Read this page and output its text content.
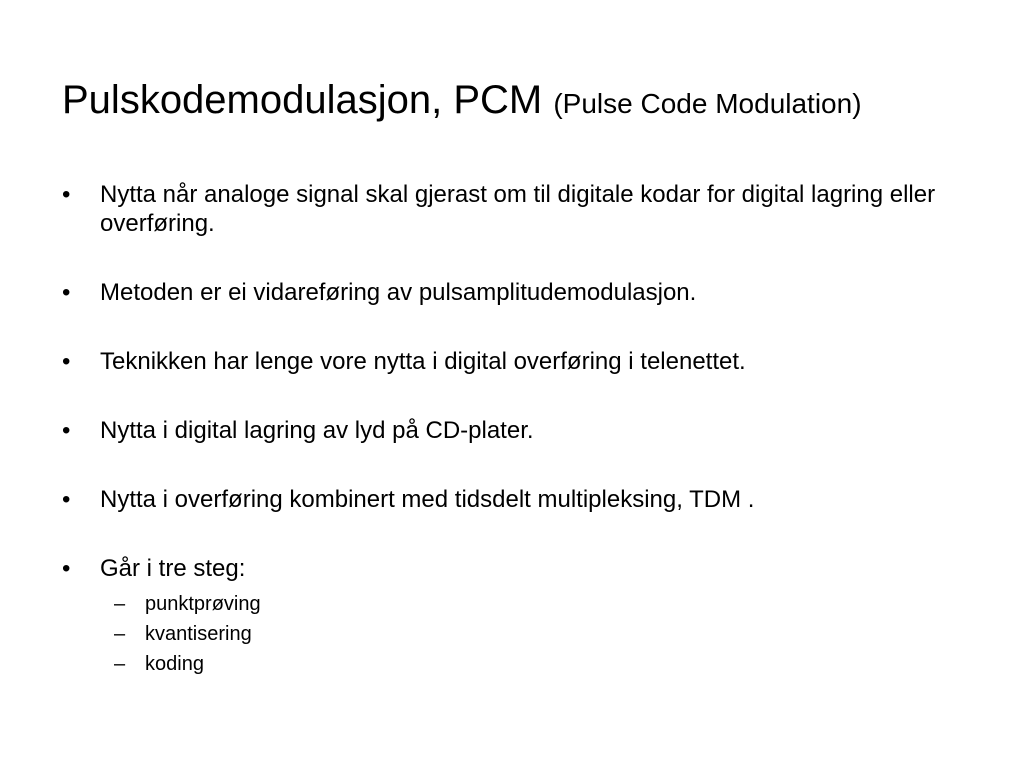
Pulskodemodulasjon, PCM (Pulse Code Modulation)
•	Nytta når analoge signal skal gjerast om til digitale kodar for digital lagring eller overføring.
•	Metoden er ei vidareføring av pulsamplitudemodulasjon.
•	Teknikken har lenge vore nytta i digital overføring i telenettet.
•	Nytta i digital lagring av lyd på CD-plater.
•	Nytta i overføring kombinert med tidsdelt multipleksing, TDM .
•	Går i tre steg:
– punktprøving
– kvantisering
– koding
